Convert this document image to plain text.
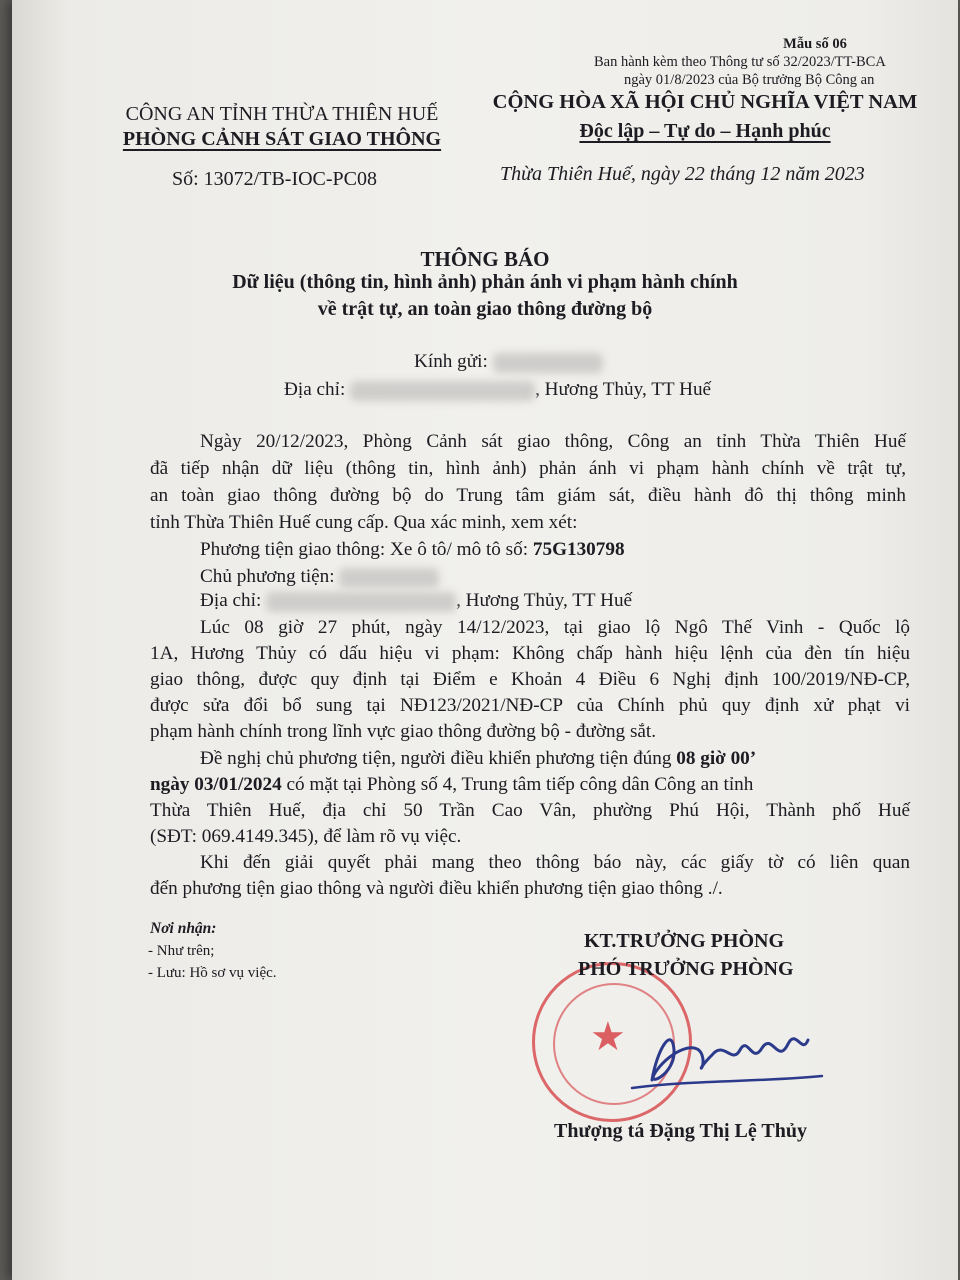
Mẫu số 06
Ban hành kèm theo Thông tư số 32/2023/TT-BCA
ngày 01/8/2023 của Bộ trưởng Bộ Công an
CÔNG AN TỈNH THỪA THIÊN HUẾ
PHÒNG CẢNH SÁT GIAO THÔNG
Số: 13072/TB-IOC-PC08
CỘNG HÒA XÃ HỘI CHỦ NGHĨA VIỆT NAM
Độc lập – Tự do – Hạnh phúc
Thừa Thiên Huế, ngày 22 tháng 12 năm 2023
THÔNG BÁO
Dữ liệu (thông tin, hình ảnh) phản ánh vi phạm hành chính
về trật tự, an toàn giao thông đường bộ
Kính gửi:
Địa chỉ:	, Hương Thủy, TT Huế
Ngày 20/12/2023, Phòng Cảnh sát giao thông, Công an tỉnh Thừa Thiên Huế
đã tiếp nhận dữ liệu (thông tin, hình ảnh) phản ánh vi phạm hành chính về trật tự,
an toàn giao thông đường bộ do Trung tâm giám sát, điều hành đô thị thông minh
tỉnh Thừa Thiên Huế cung cấp. Qua xác minh, xem xét:
Phương tiện giao thông: Xe ô tô/ mô tô số: 75G130798
Chủ phương tiện:
Địa chỉ:	, Hương Thủy, TT Huế
Lúc 08 giờ 27 phút, ngày 14/12/2023, tại giao lộ Ngô Thế Vinh - Quốc lộ
1A, Hương Thủy có dấu hiệu vi phạm: Không chấp hành hiệu lệnh của đèn tín hiệu
giao thông, được quy định tại Điểm e Khoản 4 Điều 6 Nghị định 100/2019/NĐ-CP,
được sửa đổi bổ sung tại NĐ123/2021/NĐ-CP của Chính phủ quy định xử phạt vi
phạm hành chính trong lĩnh vực giao thông đường bộ - đường sắt.
Đề nghị chủ phương tiện, người điều khiển phương tiện đúng 08 giờ 00’
ngày 03/01/2024 có mặt tại Phòng số 4, Trung tâm tiếp công dân Công an tỉnh
Thừa Thiên Huế, địa chỉ 50 Trần Cao Vân, phường Phú Hội, Thành phố Huế
(SĐT: 069.4149.345), để làm rõ vụ việc.
Khi đến giải quyết phải mang theo thông báo này, các giấy tờ có liên quan
đến phương tiện giao thông và người điều khiển phương tiện giao thông ./.
Nơi nhận:
- Như trên;
- Lưu: Hồ sơ vụ việc.
★
KT.TRƯỞNG PHÒNG
PHÓ TRƯỞNG PHÒNG
Thượng tá Đặng Thị Lệ Thủy
